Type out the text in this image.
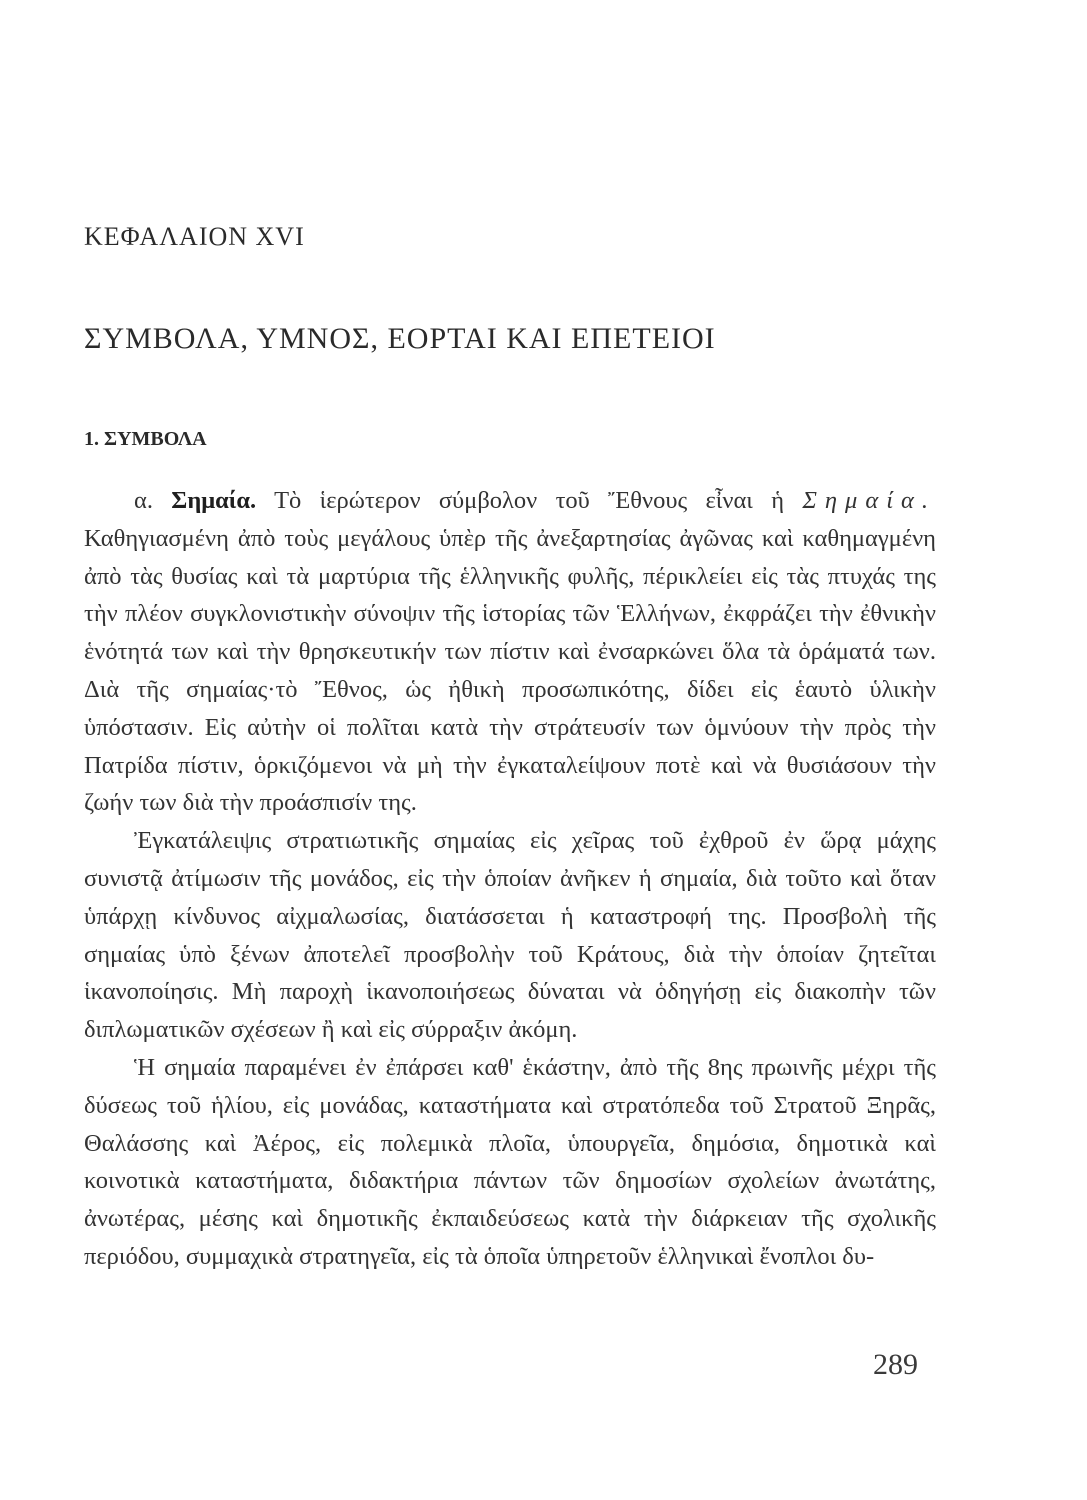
ΚΕΦΑΛΑΙΟΝ XVI
ΣΥΜΒΟΛΑ, ΥΜΝΟΣ, ΕΟΡΤΑΙ ΚΑΙ ΕΠΕΤΕΙΟΙ
1. ΣΥΜΒΟΛΑ

α. Σημαία. Τὸ ἱερώτερον σύμβολον τοῦ Ἔθνους εἶναι ἡ Σημαία. Καθηγιασμένη ἀπὸ τοὺς μεγάλους ὑπὲρ τῆς ἀνεξαρτησίας ἀγῶνας καὶ καθημαγμένη ἀπὸ τὰς θυσίας καὶ τὰ μαρτύρια τῆς ἑλληνικῆς φυλῆς, πέρικλείει εἰς τὰς πτυχάς της τὴν πλέον συγκλονιστικὴν σύνοψιν τῆς ἱστορίας τῶν Ἑλλήνων, ἐκφράζει τὴν ἐθνικὴν ἑνότητά των καὶ τὴν θρησκευτικήν των πίστιν καὶ ἐνσαρκώνει ὅλα τὰ ὁράματά των. Διὰ τῆς σημαίας·τὸ Ἔθνος, ὡς ἠθικὴ προσωπικότης, δίδει εἰς ἑαυτὸ ὑλικὴν ὑπόστασιν. Εἰς αὐτὴν οἱ πολῖται κατὰ τὴν στράτευσίν των ὁμνύουν τὴν πρὸς τὴν Πατρίδα πίστιν, ὁρκιζόμενοι νὰ μὴ τὴν ἐγκαταλείψουν ποτὲ καὶ νὰ θυσιάσουν τὴν ζωήν των διὰ τὴν προάσπισίν της.

Ἐγκατάλειψις στρατιωτικῆς σημαίας εἰς χεῖρας τοῦ ἐχθροῦ ἐν ὥρᾳ μάχης συνιστᾷ ἀτίμωσιν τῆς μονάδος, εἰς τὴν ὁποίαν ἀνῆκεν ἡ σημαία, διὰ τοῦτο καὶ ὅταν ὑπάρχῃ κίνδυνος αἰχμαλωσίας, διατάσσεται ἡ καταστροφή της. Προσβολὴ τῆς σημαίας ὑπὸ ξένων ἀποτελεῖ προσβολὴν τοῦ Κράτους, διὰ τὴν ὁποίαν ζητεῖται ἱκανοποίησις. Μὴ παροχὴ ἱκανοποιήσεως δύναται νὰ ὁδηγήσῃ εἰς διακοπὴν τῶν διπλωματικῶν σχέσεων ἢ καὶ εἰς σύρραξιν ἀκόμη.

Ἡ σημαία παραμένει ἐν ἐπάρσει καθ' ἑκάστην, ἀπὸ τῆς 8ης πρωινῆς μέχρι τῆς δύσεως τοῦ ἡλίου, εἰς μονάδας, καταστήματα καὶ στρατόπεδα τοῦ Στρατοῦ Ξηρᾶς, Θαλάσσης καὶ Ἀέρος, εἰς πολεμικὰ πλοῖα, ὑπουργεῖα, δημόσια, δημοτικὰ καὶ κοινοτικὰ καταστήματα, διδακτήρια πάντων τῶν δημοσίων σχολείων ἀνωτάτης, ἀνωτέρας, μέσης καὶ δημοτικῆς ἐκπαιδεύσεως κατὰ τὴν διάρκειαν τῆς σχολικῆς περιόδου, συμμαχικὰ στρατηγεῖα, εἰς τὰ ὁποῖα ὑπηρετοῦν ἑλληνικαὶ ἔνοπλοι δυ-

289
